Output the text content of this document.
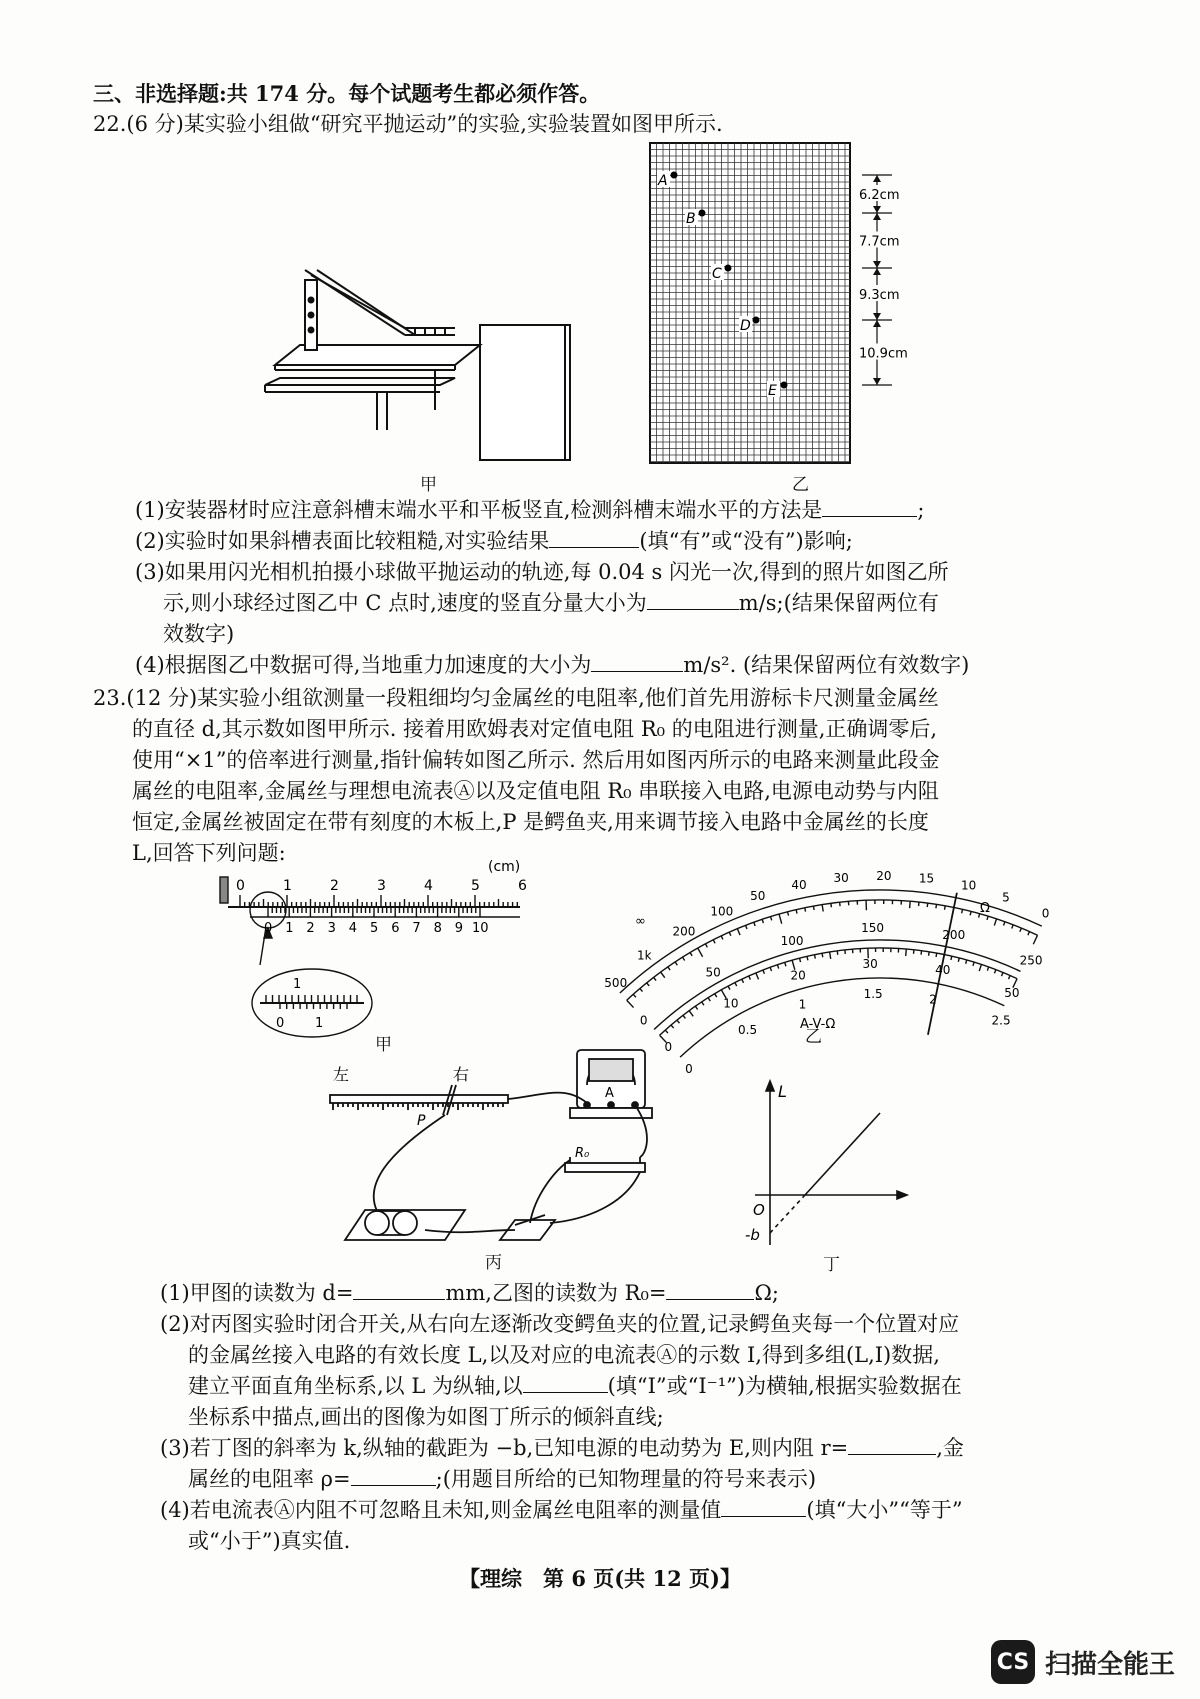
三、非选择题:共 174 分。每个试题考生都必须作答。
22.(6 分)某实验小组做“研究平抛运动”的实验,实验装置如图甲所示.
甲
A
B
C
D
E
6.2cm
7.7cm
9.3cm
10.9cm
乙
(1)安装器材时应注意斜槽末端水平和平板竖直,检测斜槽末端水平的方法是	;
(2)实验时如果斜槽表面比较粗糙,对实验结果	(填“有”或“没有”)影响;
(3)如果用闪光相机拍摄小球做平抛运动的轨迹,每 0.04 s 闪光一次,得到的照片如图乙所
示,则小球经过图乙中 C 点时,速度的竖直分量大小为	m/s;(结果保留两位有
效数字)
(4)根据图乙中数据可得,当地重力加速度的大小为	m/s². (结果保留两位有效数字)
23.(12 分)某实验小组欲测量一段粗细均匀金属丝的电阻率,他们首先用游标卡尺测量金属丝
的直径 d,其示数如图甲所示. 接着用欧姆表对定值电阻 R₀ 的电阻进行测量,正确调零后,
使用“×1”的倍率进行测量,指针偏转如图乙所示. 然后用如图丙所示的电路来测量此段金
属丝的电阻率,金属丝与理想电流表Ⓐ以及定值电阻 R₀ 串联接入电路,电源电动势与内阻
恒定,金属丝被固定在带有刻度的木板上,P 是鳄鱼夹,用来调节接入电路中金属丝的长度
L,回答下列问题:
0	1	2	3	4	5	6
(cm)
0 1 2 3 4 5 6 7 8 9 10
1
0 1
甲
500
1k
200
100
50
40 30 20 15
10
5
0
0
50
100
150	200
250
0
10
20
30	40
50
0
0.5
1
1.5	2
2.5
Ω
∞
A-V-Ω
乙
左	右
P
A
R₀
丙
L
O
-b
丁
(1)甲图的读数为 d=	mm,乙图的读数为 R₀=	Ω;
(2)对丙图实验时闭合开关,从右向左逐渐改变鳄鱼夹的位置,记录鳄鱼夹每一个位置对应
的金属丝接入电路的有效长度 L,以及对应的电流表Ⓐ的示数 I,得到多组(L,I)数据,
建立平面直角坐标系,以 L 为纵轴,以	(填“I”或“I⁻¹”)为横轴,根据实验数据在
坐标系中描点,画出的图像为如图丁所示的倾斜直线;
(3)若丁图的斜率为 k,纵轴的截距为 −b,已知电源的电动势为 E,则内阻 r=	,金
属丝的电阻率 ρ=	;(用题目所给的已知物理量的符号来表示)
(4)若电流表Ⓐ内阻不可忽略且未知,则金属丝电阻率的测量值	(填“大小”“等于”
或“小于”)真实值.
【理综　第 6 页(共 12 页)】
CS 扫描全能王
